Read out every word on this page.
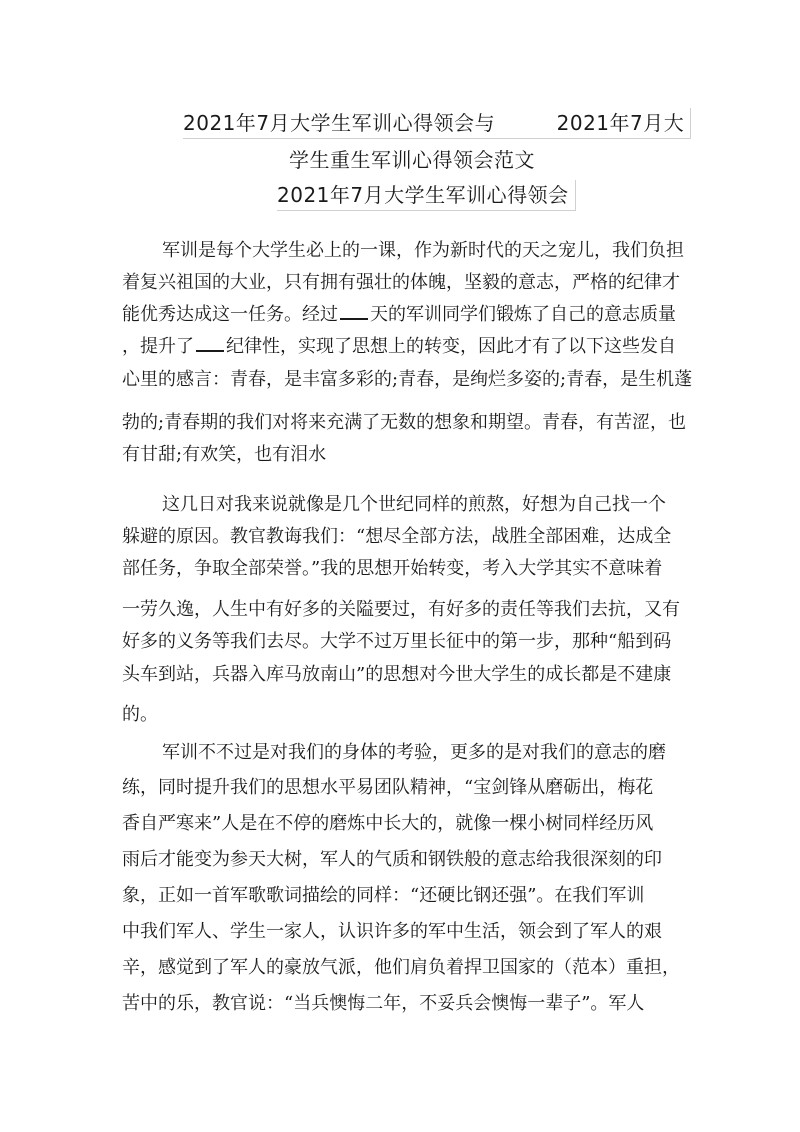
2021年7月大学生军训心得领会与　　　2021年7月大
学生重生军训心得领会范文
2021年7月大学生军训心得领会
军训是每个大学生必上的一课，作为新时代的天之宠儿，我们负担
着复兴祖国的大业，只有拥有强壮的体魄，坚毅的意志，严格的纪律才
能优秀达成这一任务。经过 天的军训同学们锻炼了自己的意志质量
，提升了 纪律性，实现了思想上的转变，因此才有了以下这些发自
心里的感言：青春，是丰富多彩的;青春，是绚烂多姿的;青春，是生机蓬
勃的;青春期的我们对将来充满了无数的想象和期望。青春，有苦涩，也
有甘甜;有欢笑，也有泪水
这几日对我来说就像是几个世纪同样的煎熬，好想为自己找一个
躲避的原因。教官教诲我们：“想尽全部方法，战胜全部困难，达成全
部任务，争取全部荣誉。”我的思想开始转变，考入大学其实不意味着
一劳久逸，人生中有好多的关隘要过，有好多的责任等我们去抗，又有
好多的义务等我们去尽。大学不过万里长征中的第一步，那种“船到码
头车到站，兵器入库马放南山”的思想对今世大学生的成长都是不建康
的。
军训不不过是对我们的身体的考验，更多的是对我们的意志的磨
练，同时提升我们的思想水平易团队精神，“宝剑锋从磨砺出，梅花
香自严寒来”人是在不停的磨炼中长大的，就像一棵小树同样经历风
雨后才能变为参天大树，军人的气质和钢铁般的意志给我很深刻的印
象，正如一首军歌歌词描绘的同样：“还硬比钢还强”。在我们军训
中我们军人、学生一家人，认识许多的军中生活，领会到了军人的艰
辛，感觉到了军人的豪放气派，他们肩负着捍卫国家的（范本）重担，
苦中的乐，教官说：“当兵懊悔二年，不妥兵会懊悔一辈子”。军人
